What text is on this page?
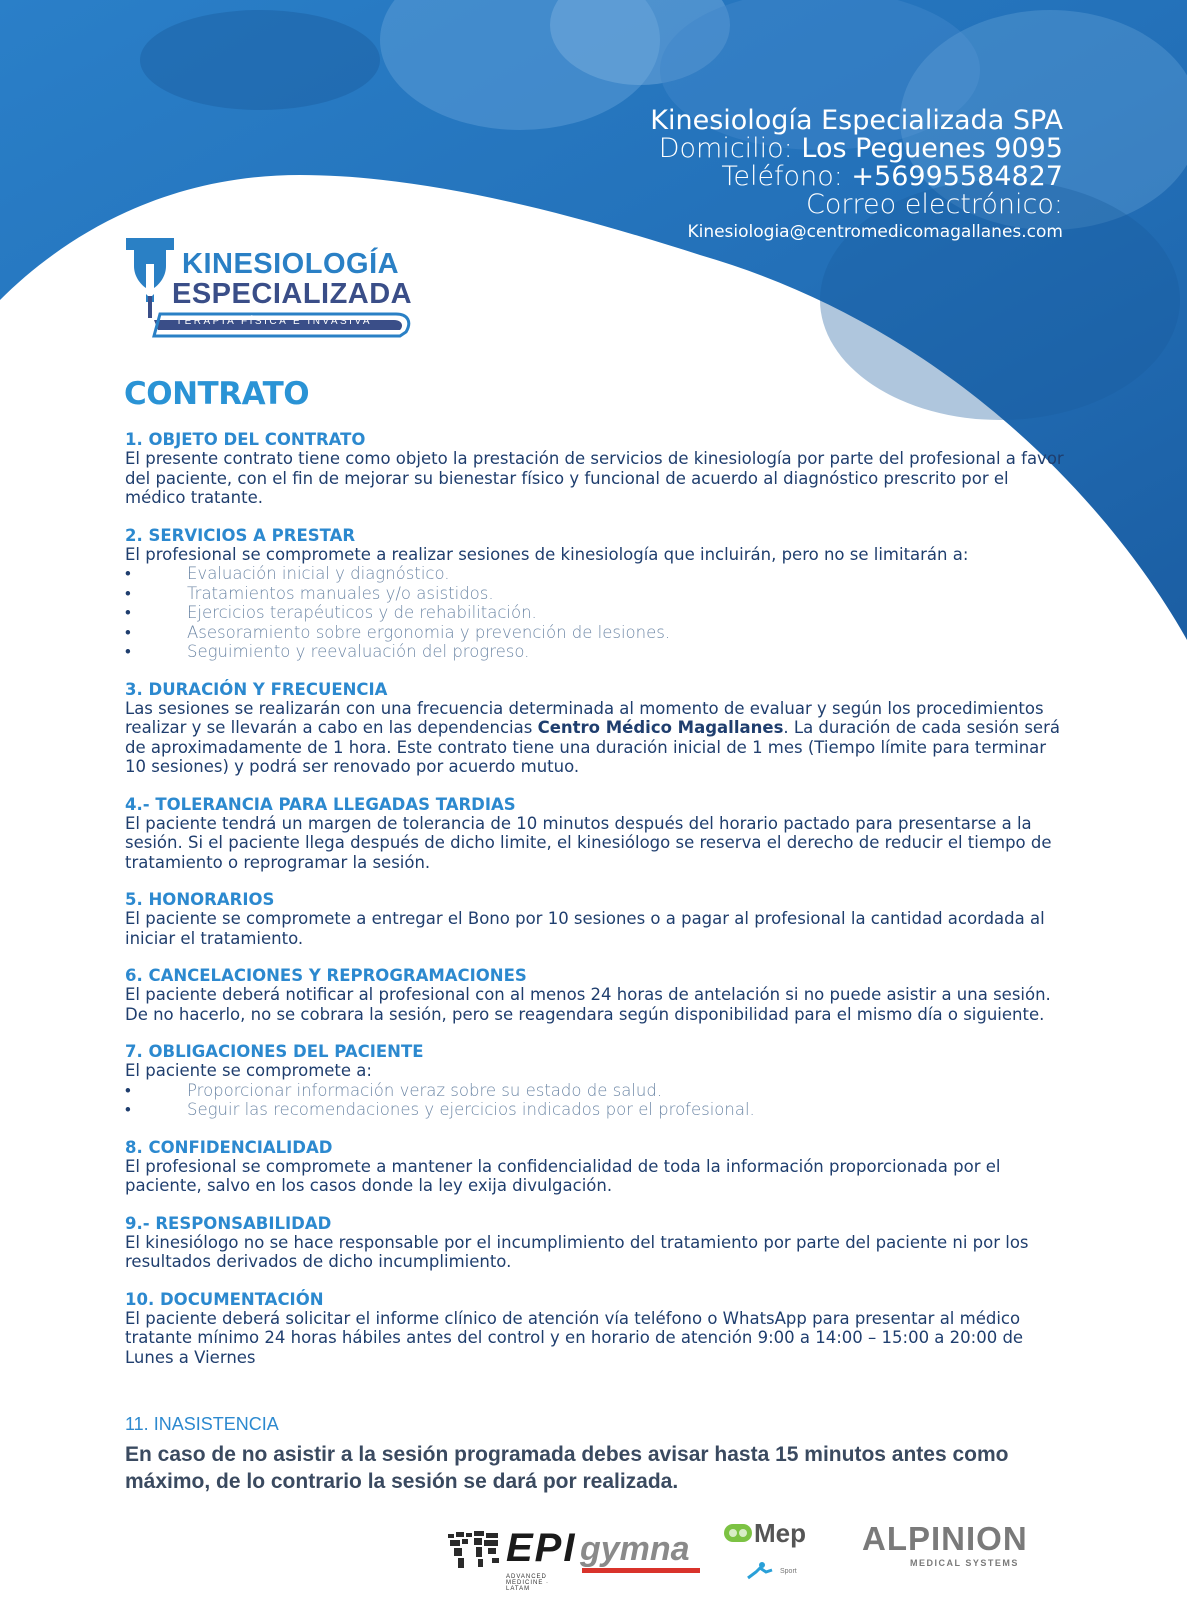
Kinesiología Especializada SPA
Domicilio: Los Peguenes 9095
Teléfono: +56995584827
Correo electrónico:
Kinesiologia@centromedicomagallanes.com
KINESIOLOGÍA
ESPECIALIZADA
TERAPIA FÍSICA E INVASIVA
CONTRATO
1. OBJETO DEL CONTRATO

El presente contrato tiene como objeto la prestación de servicios de kinesiología por parte del profesional a favor del paciente, con el fin de mejorar su bienestar físico y funcional de acuerdo al diagnóstico prescrito por el médico tratante.

2. SERVICIOS A PRESTAR

El profesional se compromete a realizar sesiones de kinesiología que incluirán, pero no se limitarán a:

• Evaluación inicial y diagnóstico.
• Tratamientos manuales y/o asistidos.
• Ejercicios terapéuticos y de rehabilitación.
• Asesoramiento sobre ergonomia y prevención de lesiones.
• Seguimiento y reevaluación del progreso.
3. DURACIÓN Y FRECUENCIA

Las sesiones se realizarán con una frecuencia determinada al momento de evaluar y según los procedimientos realizar y se llevarán a cabo en las dependencias Centro Médico Magallanes. La duración de cada sesión será de aproximadamente de 1 hora. Este contrato tiene una duración inicial de 1 mes (Tiempo límite para terminar 10 sesiones) y podrá ser renovado por acuerdo mutuo.

4.- TOLERANCIA PARA LLEGADAS TARDIAS

El paciente tendrá un margen de tolerancia de 10 minutos después del horario pactado para presentarse a la sesión. Si el paciente llega después de dicho limite, el kinesiólogo se reserva el derecho de reducir el tiempo de tratamiento o reprogramar la sesión.

5. HONORARIOS

El paciente se compromete a entregar el Bono por 10 sesiones o a pagar al profesional la cantidad acordada al iniciar el tratamiento.

6. CANCELACIONES Y REPROGRAMACIONES

El paciente deberá notificar al profesional con al menos 24 horas de antelación si no puede asistir a una sesión. De no hacerlo, no se cobrara la sesión, pero se reagendara según disponibilidad para el mismo día o siguiente.

7. OBLIGACIONES DEL PACIENTE

El paciente se compromete a:

• Proporcionar información veraz sobre su estado de salud.
• Seguir las recomendaciones y ejercicios indicados por el profesional.
8. CONFIDENCIALIDAD

El profesional se compromete a mantener la confidencialidad de toda la información proporcionada por el paciente, salvo en los casos donde la ley exija divulgación.

9.- RESPONSABILIDAD

El kinesiólogo no se hace responsable por el incumplimiento del tratamiento por parte del paciente ni por los resultados derivados de dicho incumplimiento.

10. DOCUMENTACIÓN

El paciente deberá solicitar el informe clínico de atención vía teléfono o WhatsApp para presentar al médico tratante mínimo 24 horas hábiles antes del control y en horario de atención 9:00 a 14:00 – 15:00 a 20:00 de Lunes a Viernes

11. INASISTENCIA

En caso de no asistir a la sesión programada debes avisar hasta 15 minutos antes como máximo, de lo contrario la sesión se dará por realizada.

EPI
ADVANCED MEDICINE · LATAM
gymna	Mep
Sport
ALPINION
MEDICAL SYSTEMS
